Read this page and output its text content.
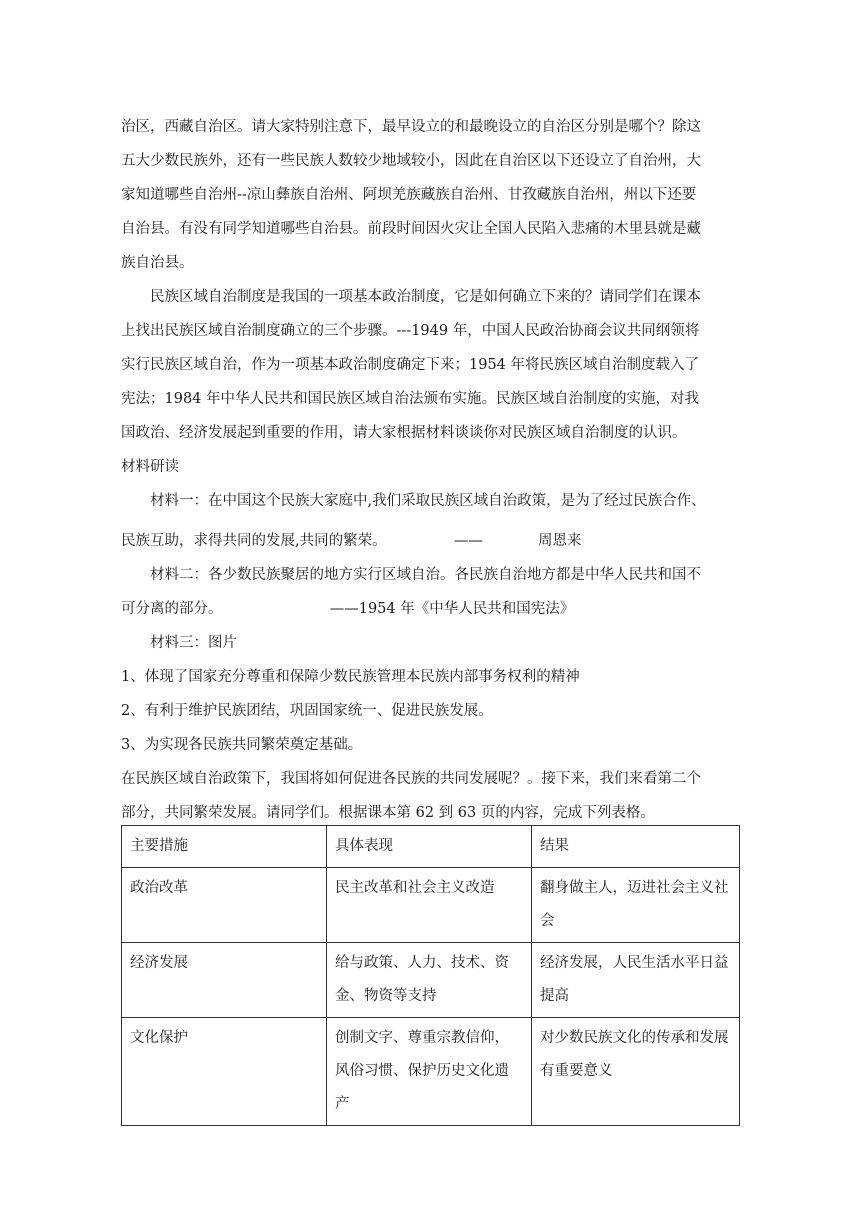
治区，西藏自治区。请大家特别注意下，最早设立的和最晚设立的自治区分别是哪个？除这
五大少数民族外，还有一些民族人数较少地域较小，因此在自治区以下还设立了自治州，大
家知道哪些自治州--凉山彝族自治州、阿坝羌族藏族自治州、甘孜藏族自治州，州以下还要
自治县。有没有同学知道哪些自治县。前段时间因火灾让全国人民陷入悲痛的木里县就是藏
族自治县。
民族区域自治制度是我国的一项基本政治制度，它是如何确立下来的？请同学们在课本
上找出民族区域自治制度确立的三个步骤。---1949 年，中国人民政治协商会议共同纲领将
实行民族区域自治，作为一项基本政治制度确定下来；1954 年将民族区域自治制度载入了
宪法；1984 年中华人民共和国民族区域自治法颁布实施。民族区域自治制度的实施，对我
国政治、经济发展起到重要的作用，请大家根据材料谈谈你对民族区域自治制度的认识。
材料研读
材料一：在中国这个民族大家庭中,我们采取民族区域自治政策，是为了经过民族合作、
民族互助，求得共同的发展,共同的繁荣。	——	周恩来
材料二：各少数民族聚居的地方实行区域自治。各民族自治地方都是中华人民共和国不
可分离的部分。	——1954 年《中华人民共和国宪法》
材料三：图片
1、体现了国家充分尊重和保障少数民族管理本民族内部事务权利的精神
2、有利于维护民族团结，巩固国家统一、促进民族发展。
3、为实现各民族共同繁荣奠定基础。
在民族区域自治政策下，我国将如何促进各民族的共同发展呢？。接下来，我们来看第二个
部分，共同繁荣发展。请同学们。根据课本第 62 到 63 页的内容，完成下列表格。
主要措施	具体表现	结果
政治改革	民主改革和社会主义改造	翻身做主人，迈进社会主义社会
经济发展	给与政策、人力、技术、资金、物资等支持	经济发展，人民生活水平日益提高
文化保护	创制文字、尊重宗教信仰，风俗习惯、保护历史文化遗产	对少数民族文化的传承和发展有重要意义
